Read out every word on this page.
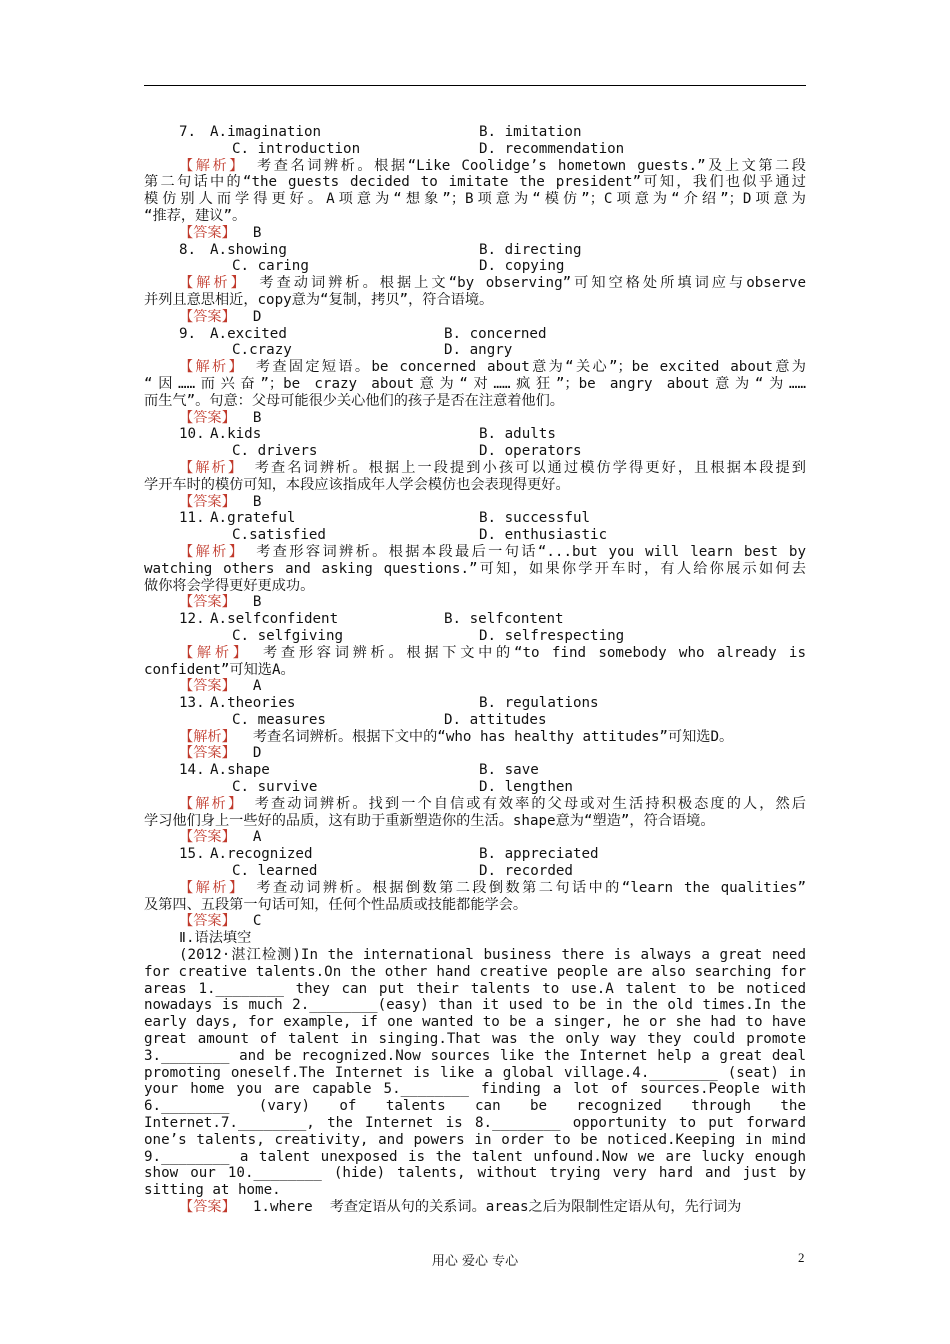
7. A.imagination	B. imitation
C. introduction	D. recommendation
【解析】 考查名词辨析。根据“Like Coolidge’s hometown guests.”及上文第二段
第二句话中的“the guests decided to imitate the president”可知，我们也似乎通过
模仿别人而学得更好。A项意为“想象”；B项意为“模仿”；C项意为“介绍”；D项意为
“推荐，建议”。
【答案】 B
8. A.showing	B. directing
C. caring	D. copying
【解析】 考查动词辨析。根据上文“by observing”可知空格处所填词应与observe
并列且意思相近，copy意为“复制，拷贝”，符合语境。
【答案】 D
9. A.excited	B. concerned
C.crazy	D. angry
【解析】 考查固定短语。be concerned about意为“关心”；be excited about意为
“因……而兴奋”；be crazy about意为“对……疯狂”；be angry about意为“为……
而生气”。句意：父母可能很少关心他们的孩子是否在注意着他们。
【答案】 B
10. A.kids	B. adults
C. drivers	D. operators
【解析】 考查名词辨析。根据上一段提到小孩可以通过模仿学得更好，且根据本段提到
学开车时的模仿可知，本段应该指成年人学会模仿也会表现得更好。
【答案】 B
11. A.grateful	B. successful
C.satisfied	D. enthusiastic
【解析】 考查形容词辨析。根据本段最后一句话“...but you will learn best by
watching others and asking questions.”可知，如果你学开车时，有人给你展示如何去
做你将会学得更好更成功。
【答案】 B
12. A.selfconfident	B. selfcontent
C. selfgiving	D. selfrespecting
【解析】 考查形容词辨析。根据下文中的“to find somebody who already is
confident”可知选A。
【答案】 A
13. A.theories	B. regulations
C. measures	D. attitudes
【解析】  考查名词辨析。根据下文中的“who has healthy attitudes”可知选D。
【答案】 D
14. A.shape	B. save
C. survive	D. lengthen
【解析】 考查动词辨析。找到一个自信或有效率的父母或对生活持积极态度的人，然后
学习他们身上一些好的品质，这有助于重新塑造你的生活。shape意为“塑造”，符合语境。
【答案】 A
15. A.recognized	B. appreciated
C. learned	D. recorded
【解析】 考查动词辨析。根据倒数第二段倒数第二句话中的“learn the qualities”
及第四、五段第一句话可知，任何个性品质或技能都能学会。
【答案】 C
Ⅱ.语法填空
(2012·湛江检测)In the international business there is always a great need
for creative talents.On the other hand creative people are also searching for
areas 1.________ they can put their talents to use.A talent to be noticed
nowadays is much 2.________(easy) than it used to be in the old times.In the
early days, for example, if one wanted to be a singer, he or she had to have
great amount of talent in singing.That was the only way they could promote
3.________ and be recognized.Now sources like the Internet help a great deal
promoting oneself.The Internet is like a global village.4.________ (seat) in
your home you are capable 5.________ finding a lot of sources.People with
6.________ (vary) of talents can be recognized through the
Internet.7.________, the Internet is 8.________ opportunity to put forward
one’s talents, creativity, and powers in order to be noticed.Keeping in mind
9.________ a talent unexposed is the talent unfound.Now we are lucky enough
show our 10.________ (hide) talents, without trying very hard and just by
sitting at home.
【答案】 1.where  考查定语从句的关系词。areas之后为限制性定语从句，先行词为
用心 爱心 专心	2
